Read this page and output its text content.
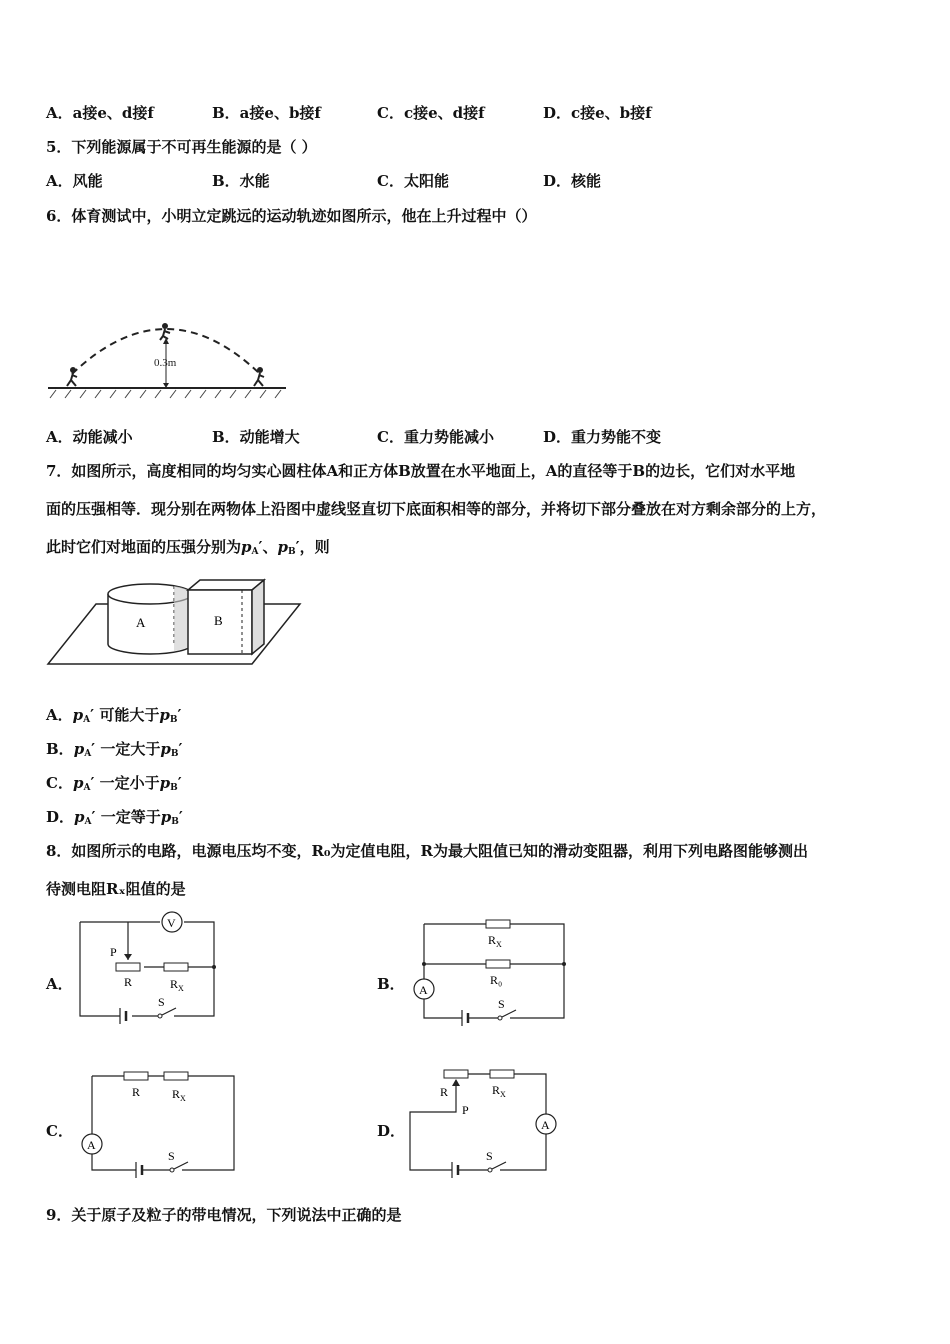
A．a接e、d接f	B．a接e、b接f	C．c接e、d接f	D．c接e、b接f
5．下列能源属于不可再生能源的是（ ）
A．风能	B．水能	C．太阳能	D．核能
6．体育测试中，小明立定跳远的运动轨迹如图所示，他在上升过程中（）
0.3m
A．动能减小	B．动能增大	C．重力势能减小	D．重力势能不变
7．如图所示，高度相同的均匀实心圆柱体A和正方体B放置在水平地面上，A的直径等于B的边长，它们对水平地
面的压强相等．现分别在两物体上沿图中虚线竖直切下底面积相等的部分，并将切下部分叠放在对方剩余部分的上方，
此时它们对地面的压强分别为$p_A'$、$p_B'$，则
A	B
A．$p_A'$ 可能大于$p_B'$
B．$p_A'$ 一定大于$p_B'$
C．$p_A'$ 一定小于$p_B'$
D．$p_A'$ 一定等于$p_B'$
8．如图所示的电路，电源电压均不变，R₀为定值电阻，R为最大阻值已知的滑动变阻器，利用下列电路图能够测出
待测电阻Rₓ阻值的是
A．
V
P
R	$R_X$
S
B． A
$R_X$
R₀
S
C．
A
R	$R_X$
S
D．	A
R
P
$R_X$
S
9．关于原子及粒子的带电情况，下列说法中正确的是
